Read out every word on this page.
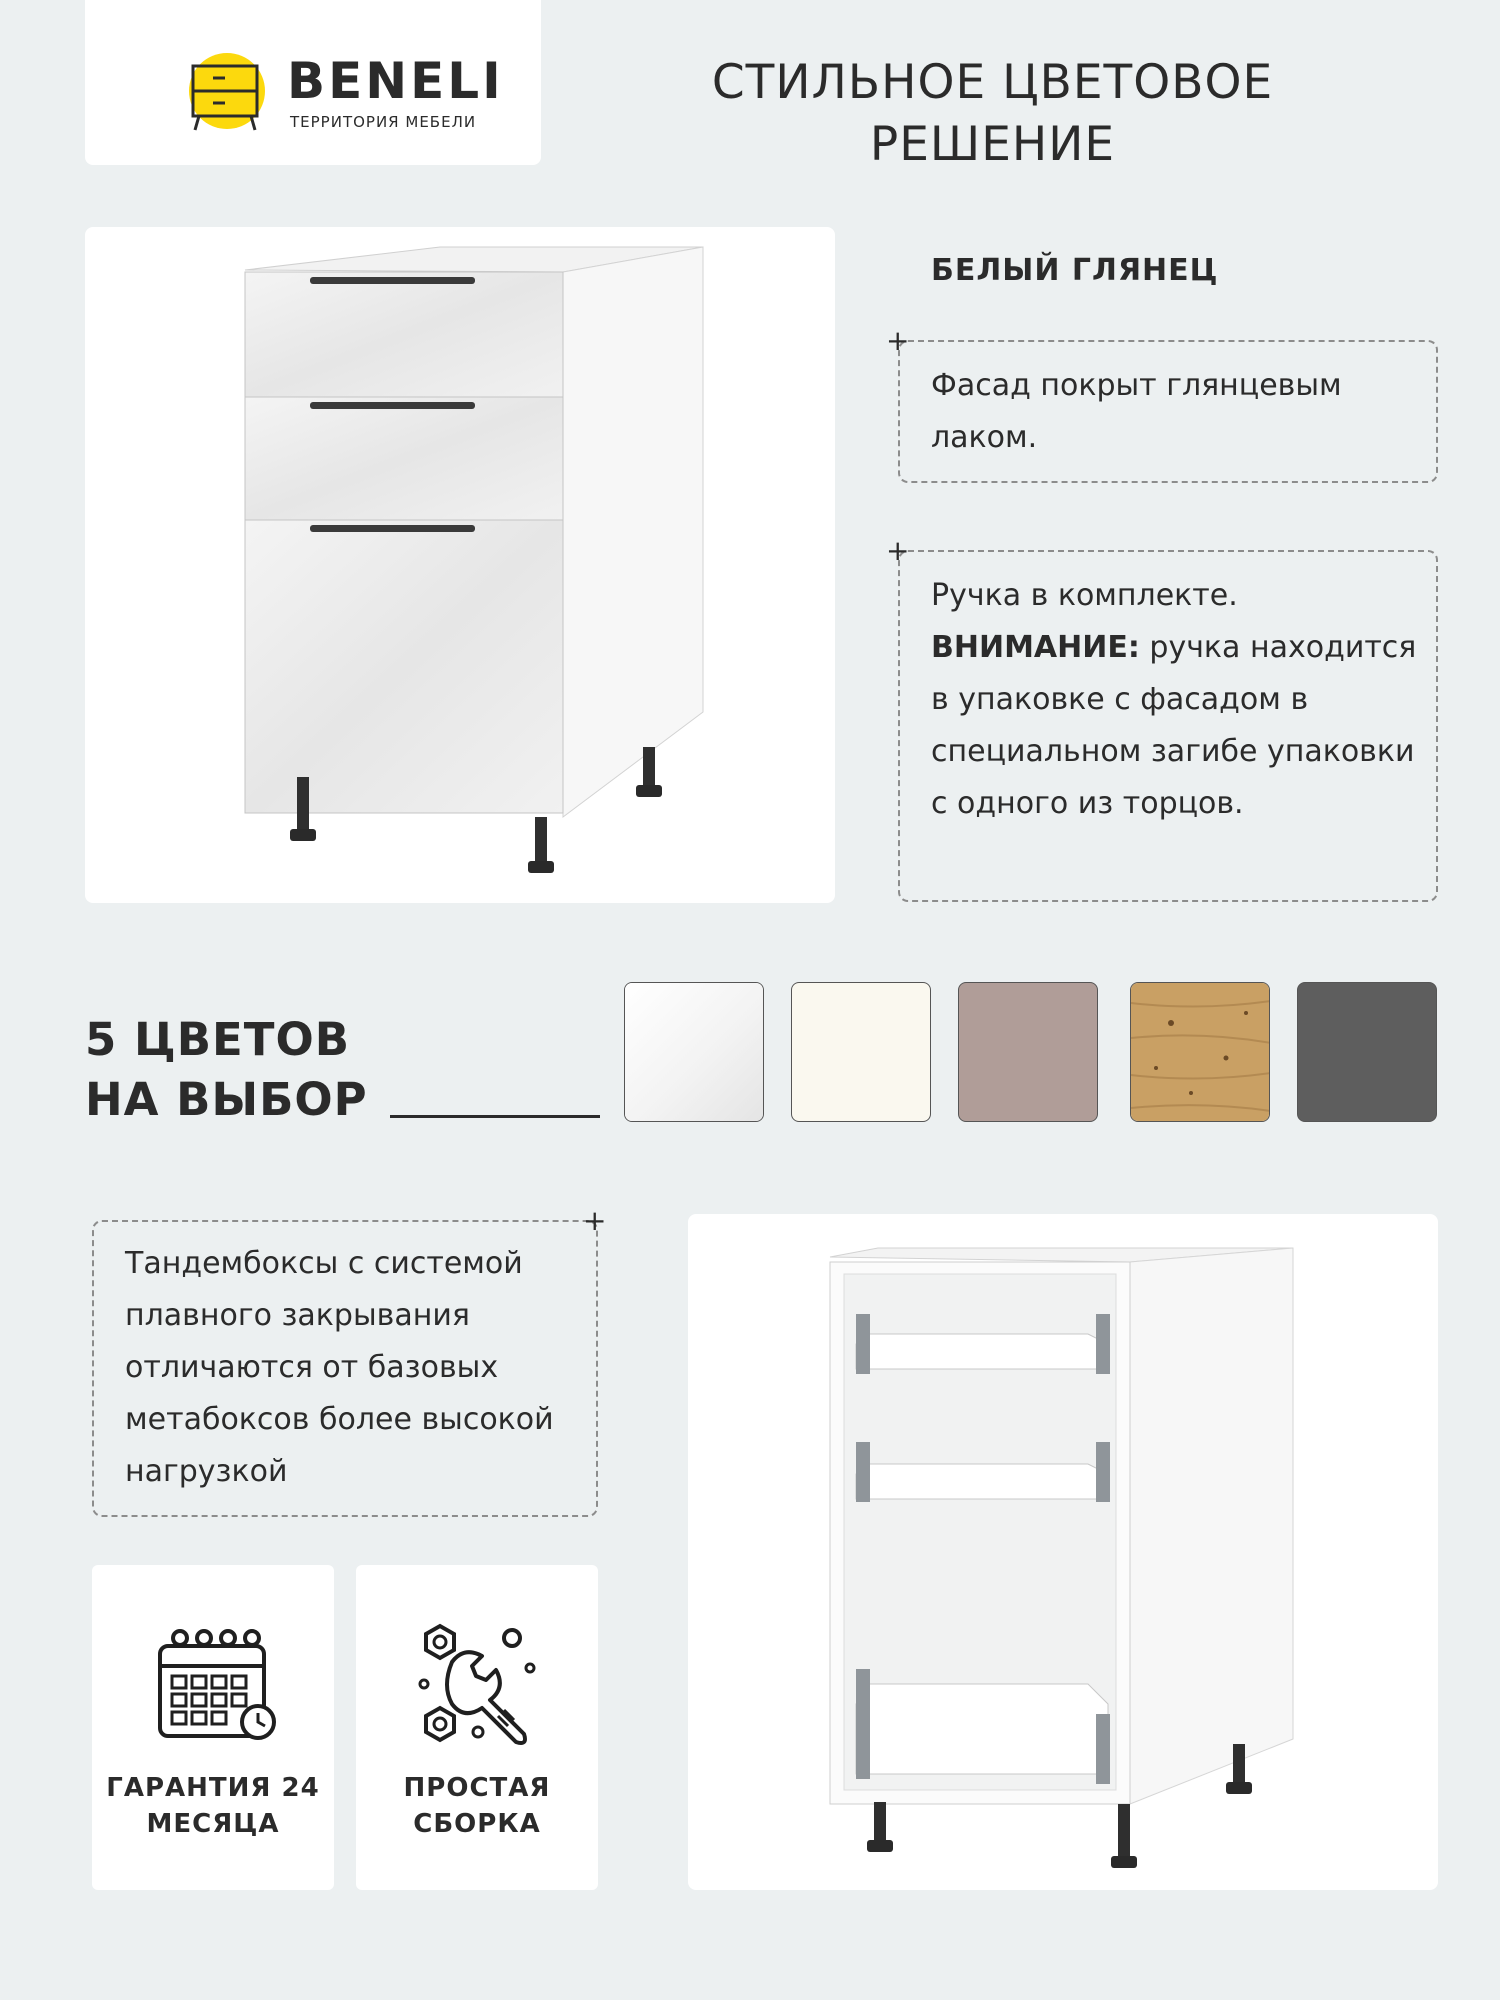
BENELI
ТЕРРИТОРИЯ МЕБЕЛИ
СТИЛЬНОЕ ЦВЕТОВОЕ РЕШЕНИЕ
БЕЛЫЙ ГЛЯНЕЦ
+
Фасад покрыт глянцевым лаком.
+
Ручка в комплекте.
ВНИМАНИЕ: ручка находится в упаковке с фасадом в специальном загибе упаковки с одного из торцов.
5 ЦВЕТОВ
НА ВЫБОР
+
Тандембоксы с системой плавного закрывания отличаются от базовых метабоксов более высокой нагрузкой
ГАРАНТИЯ 24 МЕСЯЦА
ПРОСТАЯ СБОРКА
